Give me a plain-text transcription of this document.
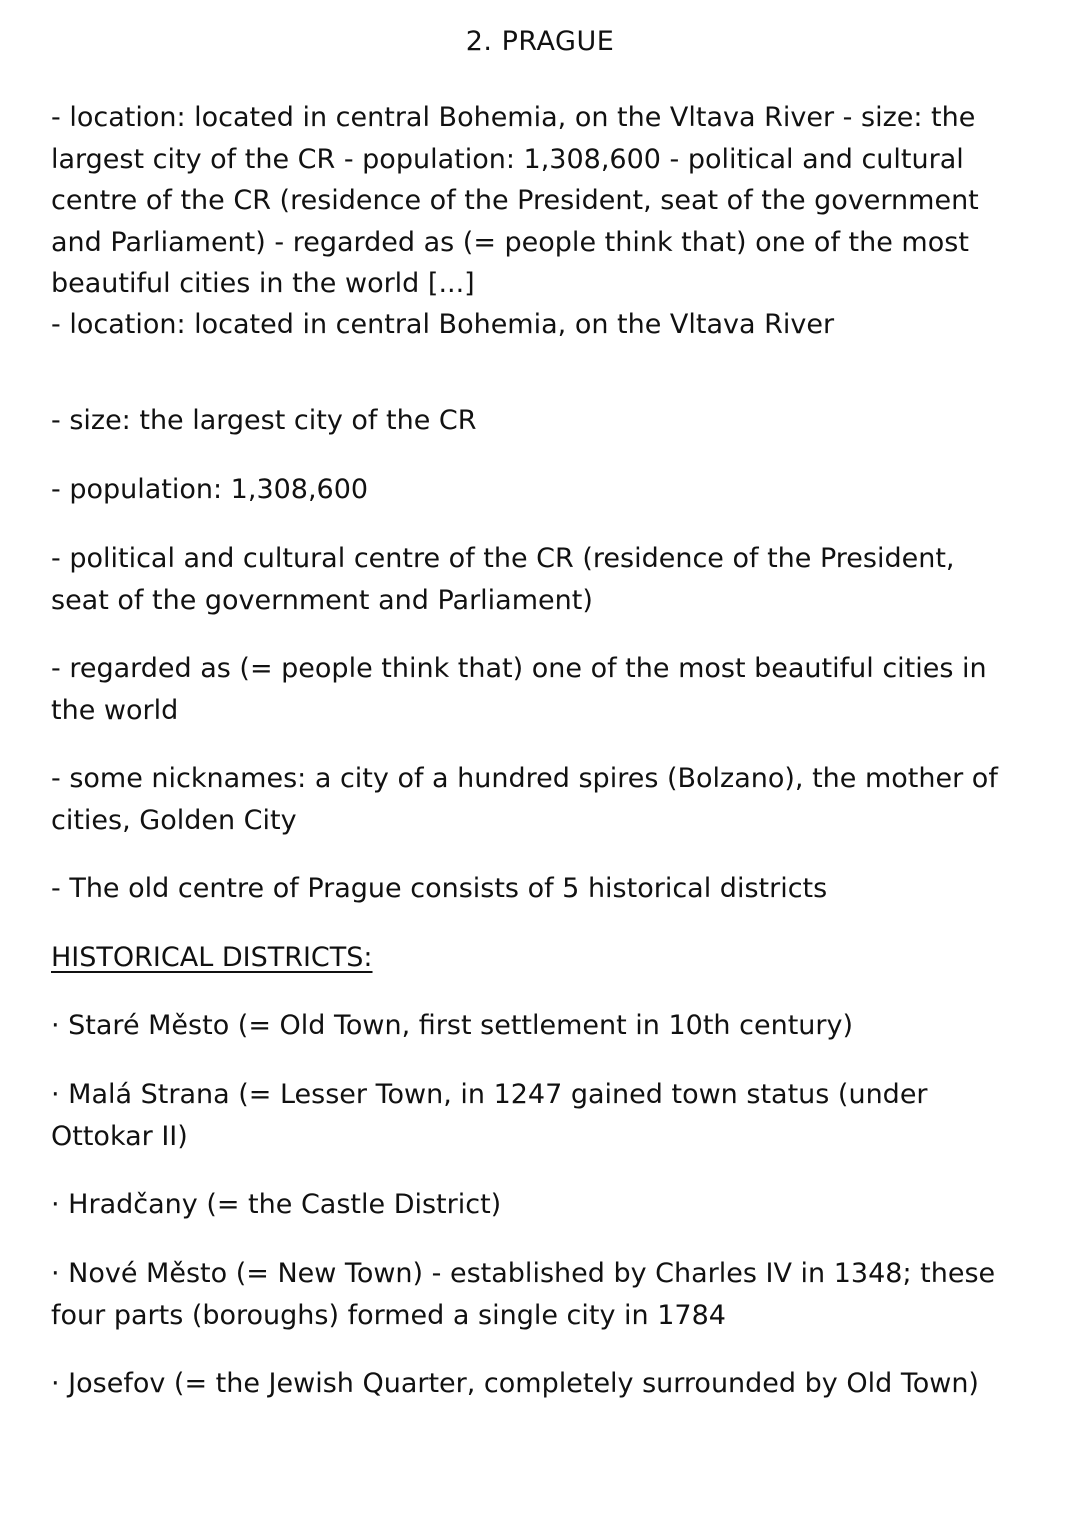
2. PRAGUE

- location: located in central Bohemia, on the Vltava River - size: the largest city of the CR - population: 1,308,600 - political and cultural centre of the CR (residence of the President, seat of the government and Parliament) - regarded as (= people think that) one of the most beautiful cities in the world [...]

- location: located in central Bohemia, on the Vltava River

- size: the largest city of the CR

- population: 1,308,600

- political and cultural centre of the CR (residence of the President, seat of the government and Parliament)

- regarded as (= people think that) one of the most beautiful cities in the world

- some nicknames: a city of a hundred spires (Bolzano), the mother of cities, Golden City

- The old centre of Prague consists of 5 historical districts

HISTORICAL DISTRICTS:

· Staré Město (= Old Town, first settlement in 10th century)

· Malá Strana (= Lesser Town, in 1247 gained town status (under Ottokar II)

· Hradčany (= the Castle District)

· Nové Město (= New Town) - established by Charles IV in 1348; these four parts (boroughs) formed a single city in 1784

· Josefov (= the Jewish Quarter, completely surrounded by Old Town)
